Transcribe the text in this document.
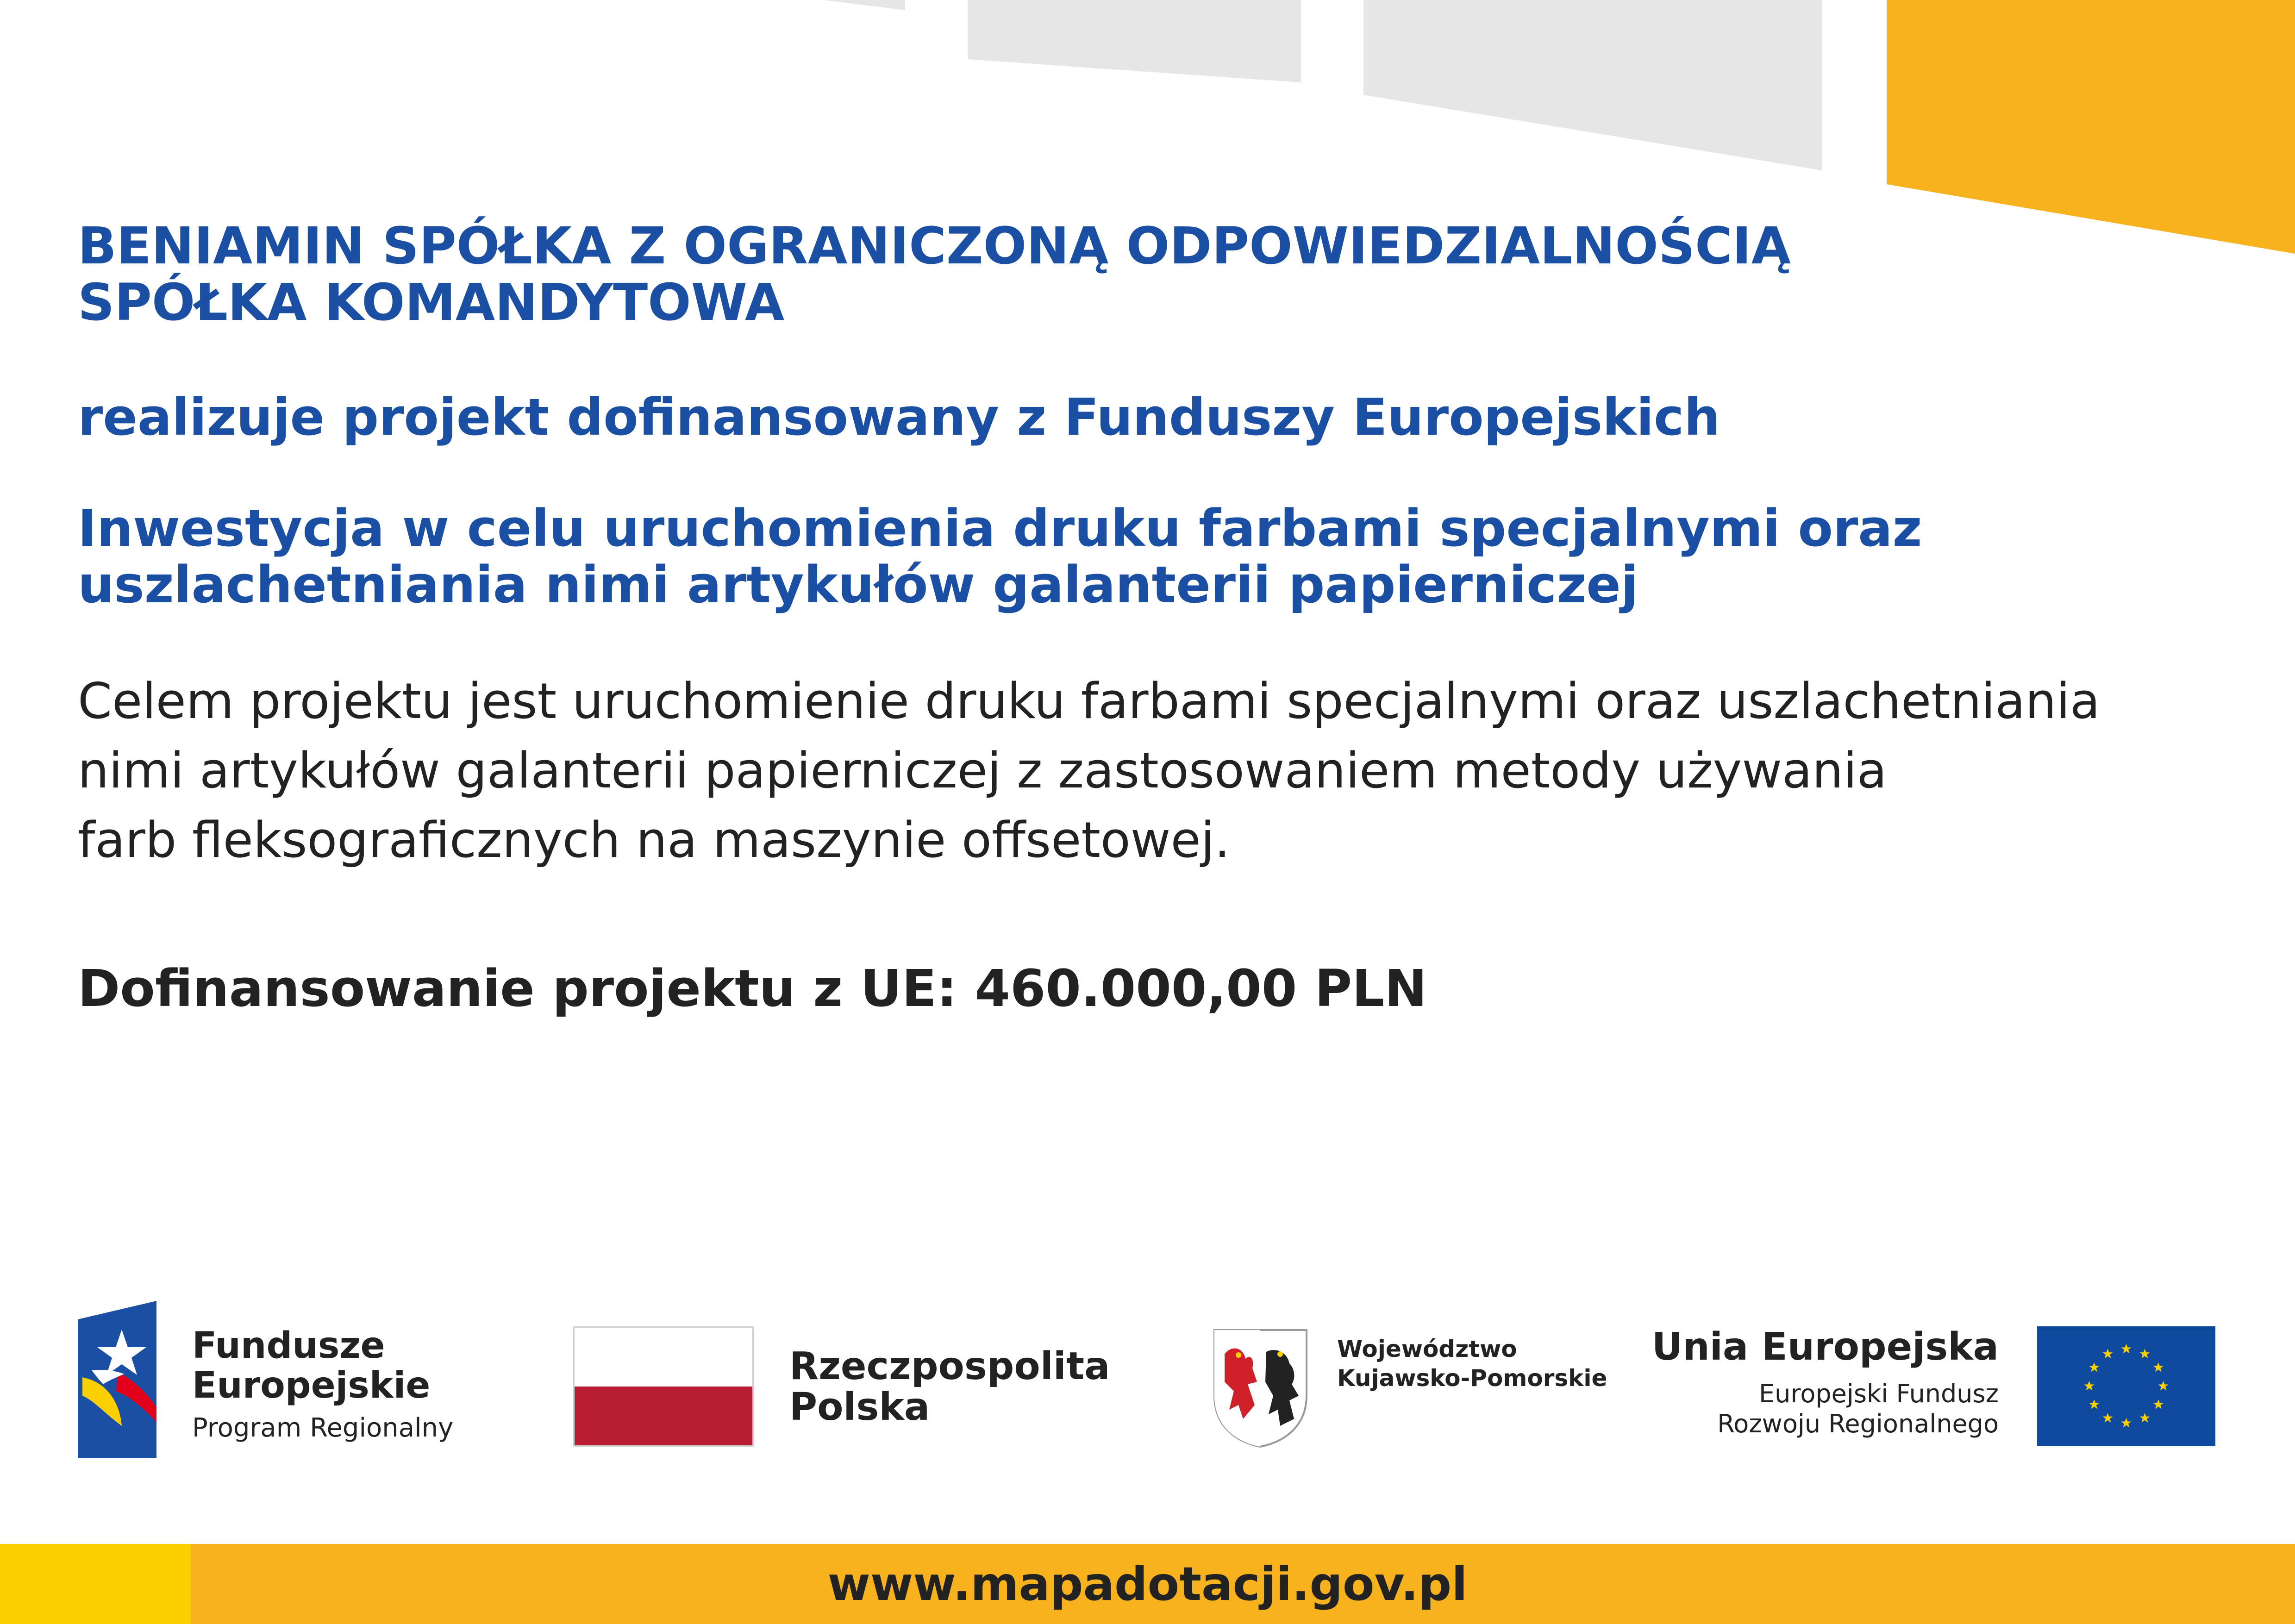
BENIAMIN SPÓŁKA Z OGRANICZONĄ ODPOWIEDZIALNOŚCIĄ
SPÓŁKA KOMANDYTOWA
realizuje projekt dofinansowany z Funduszy Europejskich
Inwestycja w celu uruchomienia druku farbami specjalnymi oraz
uszlachetniania nimi artykułów galanterii papierniczej
Celem projektu jest uruchomienie druku farbami specjalnymi oraz uszlachetniania
nimi artykułów galanterii papierniczej z zastosowaniem metody używania
farb fleksograficznych na maszynie offsetowej.
Dofinansowanie projektu z UE: 460.000,00 PLN
Fundusze
Europejskie
Program Regionalny
Rzeczpospolita
Polska
Województwo
Kujawsko-Pomorskie
Unia Europejska
Europejski Fundusz
Rozwoju Regionalnego
www.mapadotacji.gov.pl
